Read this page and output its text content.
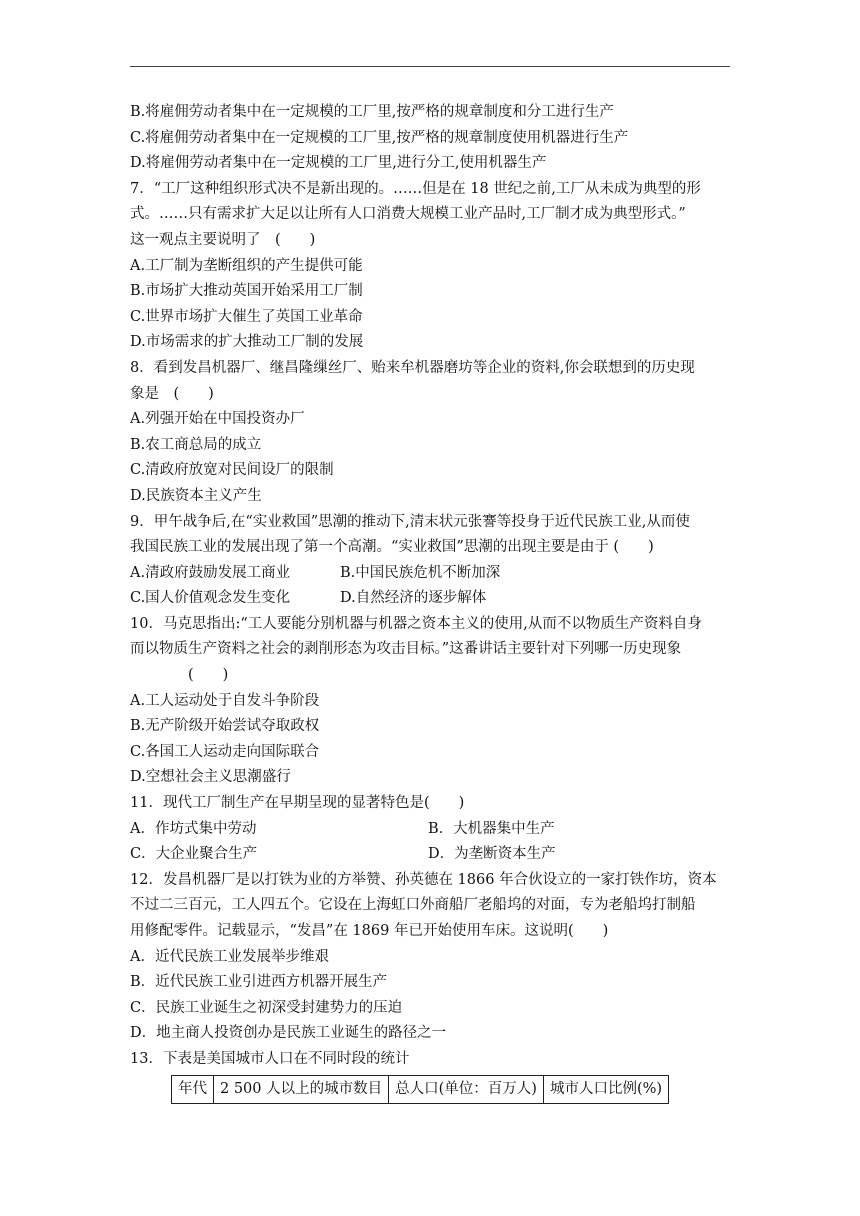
B.将雇佣劳动者集中在一定规模的工厂里,按严格的规章制度和分工进行生产
C.将雇佣劳动者集中在一定规模的工厂里,按严格的规章制度使用机器进行生产
D.将雇佣劳动者集中在一定规模的工厂里,进行分工,使用机器生产
7．“工厂这种组织形式决不是新出现的。……但是在 18 世纪之前,工厂从未成为典型的形
式。……只有需求扩大足以让所有人口消费大规模工业产品时,工厂制才成为典型形式。”
这一观点主要说明了　(　　)
A.工厂制为垄断组织的产生提供可能
B.市场扩大推动英国开始采用工厂制
C.世界市场扩大催生了英国工业革命
D.市场需求的扩大推动工厂制的发展
8．看到发昌机器厂、继昌隆缫丝厂、贻来牟机器磨坊等企业的资料,你会联想到的历史现
象是　(　　)
A.列强开始在中国投资办厂
B.农工商总局的成立
C.清政府放宽对民间设厂的限制
D.民族资本主义产生
9．甲午战争后,在“实业救国”思潮的推动下,清末状元张謇等投身于近代民族工业,从而使
我国民族工业的发展出现了第一个高潮。“实业救国”思潮的出现主要是由于 (　　)
A.清政府鼓励发展工商业	B.中国民族危机不断加深
C.国人价值观念发生变化	D.自然经济的逐步解体
10．马克思指出:“工人要能分别机器与机器之资本主义的使用,从而不以物质生产资料自身
而以物质生产资料之社会的剥削形态为攻击目标。”这番讲话主要针对下列哪一历史现象
　　　　(　　)
A.工人运动处于自发斗争阶段
B.无产阶级开始尝试夺取政权
C.各国工人运动走向国际联合
D.空想社会主义思潮盛行
11．现代工厂制生产在早期呈现的显著特色是(　　)
A．作坊式集中劳动	B．大机器集中生产
C．大企业聚合生产	D．为垄断资本生产
12．发昌机器厂是以打铁为业的方举赞、孙英德在 1866 年合伙设立的一家打铁作坊，资本
不过二三百元，工人四五个。它设在上海虹口外商船厂老船坞的对面，专为老船坞打制船
用修配零件。记载显示，“发昌”在 1869 年已开始使用车床。这说明(　　)
A．近代民族工业发展举步维艰
B．近代民族工业引进西方机器开展生产
C．民族工业诞生之初深受封建势力的压迫
D．地主商人投资创办是民族工业诞生的路径之一
13．下表是美国城市人口在不同时段的统计
年代	2 500 人以上的城市数目	总人口(单位：百万人)	城市人口比例(%)
